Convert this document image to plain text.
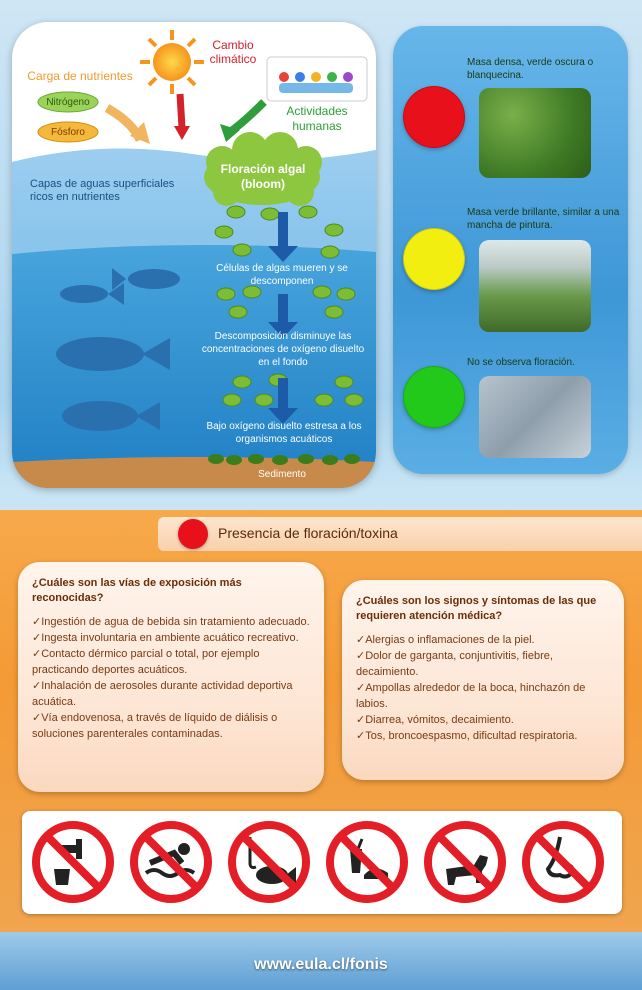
Cambio climático
Carga de nutrientes
Nitrógeno
Fósforo
Actividades humanas
Floración algal (bloom)
Capas de aguas superficiales ricos en nutrientes
Células de algas mueren y se descomponen
Descomposición disminuye las concentraciones de oxígeno disuelto en el fondo
Bajo oxígeno disuelto estresa a los organismos acuáticos
Sedimento
Masa densa, verde oscura o blanquecina.
Masa verde brillante, similar a una mancha de pintura.
No se observa floración.
Presencia de floración/toxina
¿Cuáles son las vías de exposición más reconocidas?
✓Ingestión de agua de bebida sin tratamiento adecuado.
✓Ingesta involuntaria en ambiente acuático recreativo.
✓Contacto dérmico parcial o total, por ejemplo practicando deportes acuáticos.
✓Inhalación de aerosoles durante actividad deportiva acuática.
✓Vía endovenosa, a través de líquido de diálisis o soluciones parenterales contaminadas.
¿Cuáles son los signos y síntomas de las que requieren atención médica?
✓Alergias o inflamaciones de la piel.
✓Dolor de garganta, conjuntivitis, fiebre, decaimiento.
✓Ampollas alrededor de la boca, hinchazón de labios.
✓Diarrea, vómitos, decaimiento.
✓Tos, broncoespasmo, dificultad respiratoria.
www.eula.cl/fonis
